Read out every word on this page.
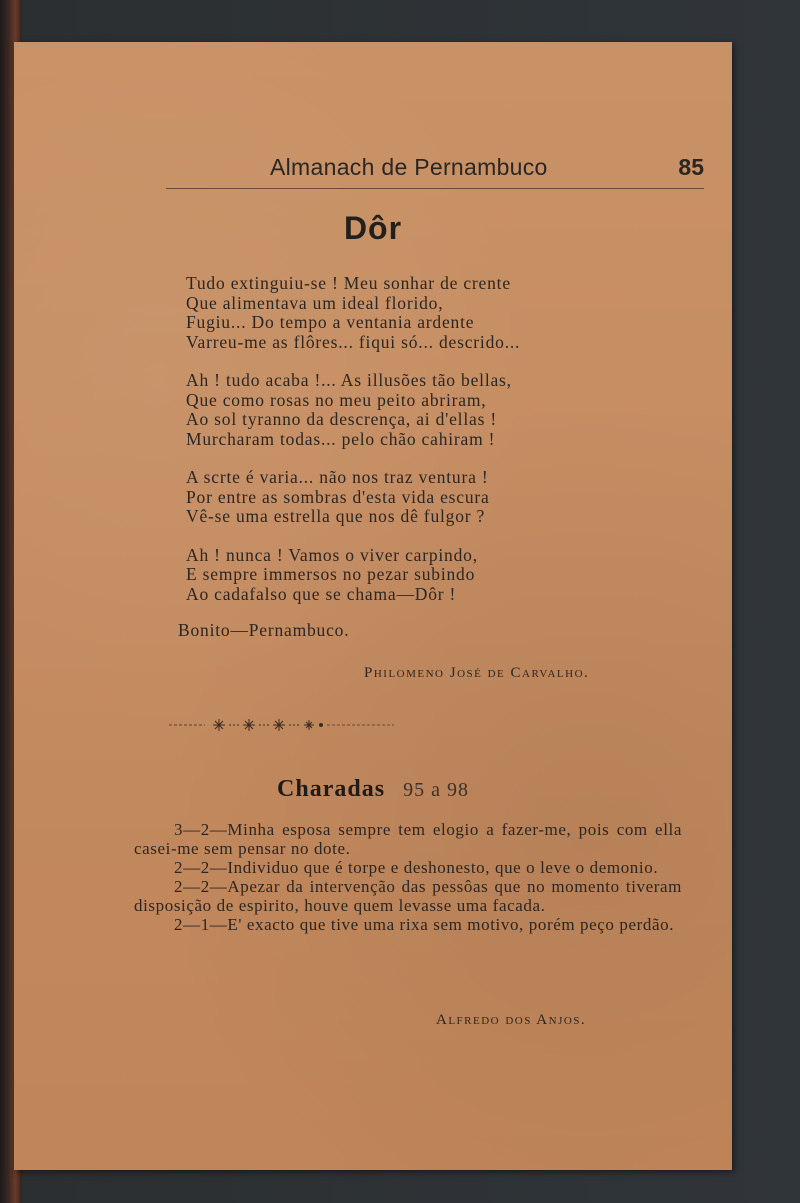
Almanach de Pernambuco	85
Dôr
Tudo extinguiu-se ! Meu sonhar de crente
Que alimentava um ideal florido,
Fugiu... Do tempo a ventania ardente
Varreu-me as flôres... fiqui só... descrido...
Ah ! tudo acaba !... As illusões tão bellas,
Que como rosas no meu peito abriram,
Ao sol tyranno da descrença, ai d'ellas !
Murcharam todas... pelo chão cahiram !
A scrte é varia... não nos traz ventura !
Por entre as sombras d'esta vida escura
Vê-se uma estrella que nos dê fulgor ?
Ah ! nunca ! Vamos o viver carpindo,
E sempre immersos no pezar subindo
Ao cadafalso que se chama—Dôr !
Bonito—Pernambuco.
Philomeno José de Carvalho.
Charadas 95 a 98
3—2—Minha esposa sempre tem elogio a fazer-me, pois com ella casei-me sem pensar no dote.
2—2—Individuo que é torpe e deshonesto, que o leve o demonio.
2—2—Apezar da intervenção das pessôas que no momento tiveram disposição de espirito, houve quem levasse uma facada.
2—1—E' exacto que tive uma rixa sem motivo, porém peço perdão.
Alfredo dos Anjos.
